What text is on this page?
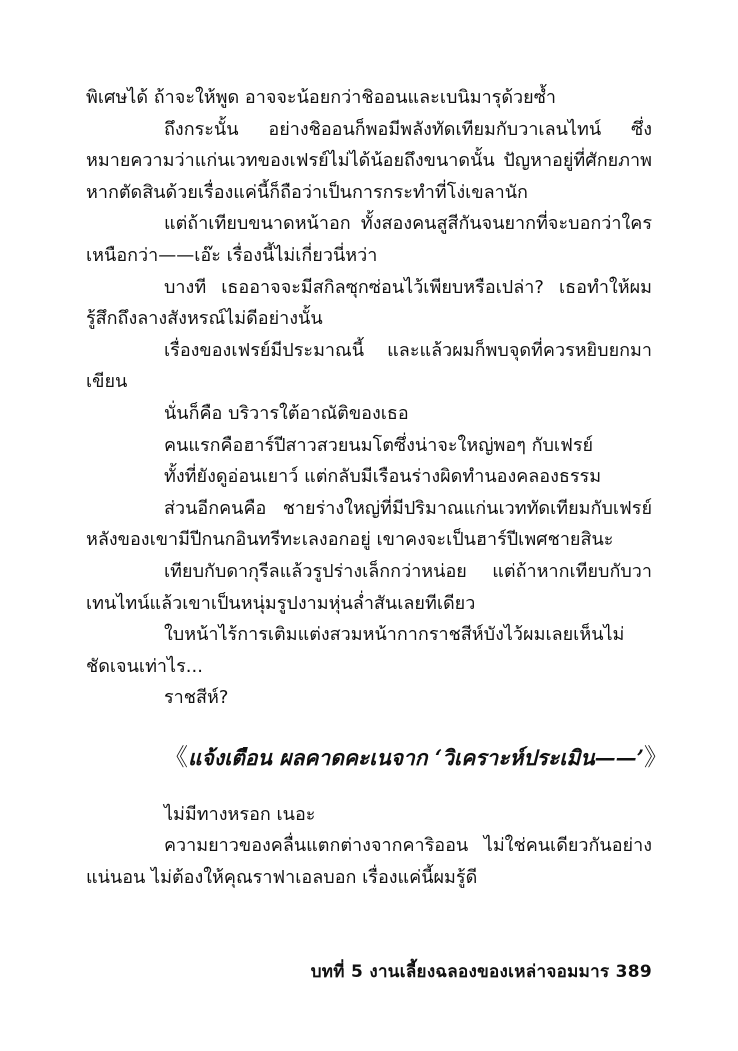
พิเศษได้ ถ้าจะให้พูด อาจจะน้อยกว่าชิออนและเบนิมารุด้วยซ้ำ

ถึงกระนั้น อย่างชิออนก็พอมีพลังทัดเทียมกับวาเลนไทน์ ซึ่งหมายความว่าแก่นเวทของเฟรย์ไม่ได้น้อยถึงขนาดนั้น ปัญหาอยู่ที่ศักยภาพหากตัดสินด้วยเรื่องแค่นี้ก็ถือว่าเป็นการกระทำที่โง่เขลานัก

แต่ถ้าเทียบขนาดหน้าอก ทั้งสองคนสูสีกันจนยากที่จะบอกว่าใครเหนือกว่า——เอ๊ะ เรื่องนี้ไม่เกี่ยวนี่หว่า

บางที เธออาจจะมีสกิลซุกซ่อนไว้เพียบหรือเปล่า? เธอทำให้ผมรู้สึกถึงลางสังหรณ์ไม่ดีอย่างนั้น

เรื่องของเฟรย์มีประมาณนี้ และแล้วผมก็พบจุดที่ควรหยิบยกมาเขียน

นั่นก็คือ บริวารใต้อาณัติของเธอ

คนแรกคือฮาร์ปีสาวสวยนมโตซึ่งน่าจะใหญ่พอๆ กับเฟรย์

ทั้งที่ยังดูอ่อนเยาว์ แต่กลับมีเรือนร่างผิดทำนองคลองธรรม

ส่วนอีกคนคือ ชายร่างใหญ่ที่มีปริมาณแก่นเวททัดเทียมกับเฟรย์หลังของเขามีปีกนกอินทรีทะเลงอกอยู่ เขาคงจะเป็นฮาร์ปีเพศชายสินะ

เทียบกับดากุรีลแล้วรูปร่างเล็กกว่าหน่อย แต่ถ้าหากเทียบกับวาเทนไทน์แล้วเขาเป็นหนุ่มรูปงามหุ่นล่ำสันเลยทีเดียว

ใบหน้าไร้การเติมแต่งสวมหน้ากากราชสีห์บังไว้ผมเลยเห็นไม่ชัดเจนเท่าไร...

ราชสีห์?

《แจ้งเตือน ผลคาดคะเนจาก ‘วิเคราะห์ประเมิน——’》

ไม่มีทางหรอก เนอะ

ความยาวของคลื่นแตกต่างจากคาริออน ไม่ใช่คนเดียวกันอย่างแน่นอน ไม่ต้องให้คุณราฟาเอลบอก เรื่องแค่นี้ผมรู้ดี

บทที่ 5 งานเลี้ยงฉลองของเหล่าจอมมาร 389
